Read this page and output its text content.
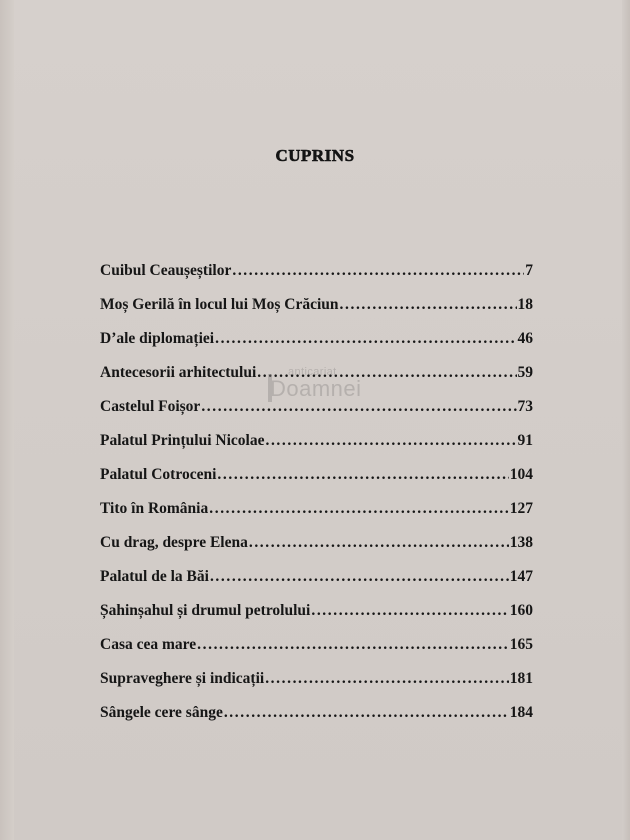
CUPRINS
Cuibul Ceaușeștilor .....	7
Moș Gerilă în locul lui Moș Crăciun .....	18
D’ale diplomației .....	46
Antecesorii arhitectului .....	59
Castelul Foișor .....	73
Palatul Prințului Nicolae .....	91
Palatul Cotroceni .....	104
Tito în România .....	127
Cu drag, despre Elena .....	138
Palatul de la Băi .....	147
Șahinșahul și drumul petrolului .....	160
Casa cea mare .....	165
Supraveghere și indicații .....	181
Sângele cere sânge .....	184
anticariat
Doamnei
